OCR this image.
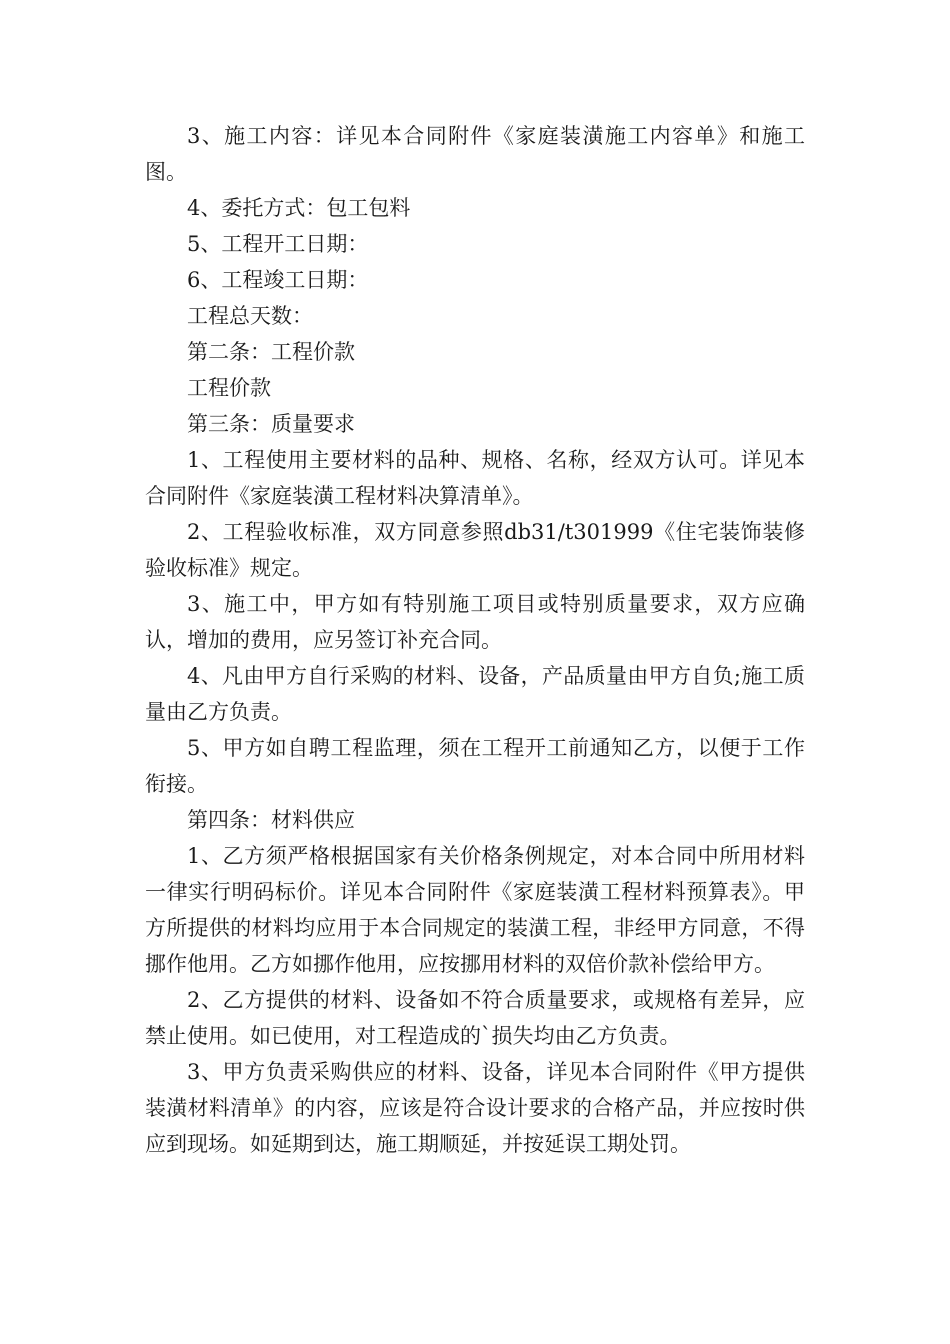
3、施工内容：详见本合同附件《家庭装潢施工内容单》和施工图。

4、委托方式：包工包料

5、工程开工日期：

6、工程竣工日期：

工程总天数：

第二条：工程价款

工程价款

第三条：质量要求

1、工程使用主要材料的品种、规格、名称，经双方认可。详见本合同附件《家庭装潢工程材料决算清单》。

2、工程验收标准，双方同意参照db31/t301999《住宅装饰装修验收标准》规定。

3、施工中，甲方如有特别施工项目或特别质量要求，双方应确认，增加的费用，应另签订补充合同。

4、凡由甲方自行采购的材料、设备，产品质量由甲方自负;施工质量由乙方负责。

5、甲方如自聘工程监理，须在工程开工前通知乙方，以便于工作衔接。

第四条：材料供应

1、乙方须严格根据国家有关价格条例规定，对本合同中所用材料一律实行明码标价。详见本合同附件《家庭装潢工程材料预算表》。甲方所提供的材料均应用于本合同规定的装潢工程，非经甲方同意，不得挪作他用。乙方如挪作他用，应按挪用材料的双倍价款补偿给甲方。

2、乙方提供的材料、设备如不符合质量要求，或规格有差异，应禁止使用。如已使用，对工程造成的`损失均由乙方负责。

3、甲方负责采购供应的材料、设备，详见本合同附件《甲方提供装潢材料清单》的内容，应该是符合设计要求的合格产品，并应按时供应到现场。如延期到达，施工期顺延，并按延误工期处罚。
